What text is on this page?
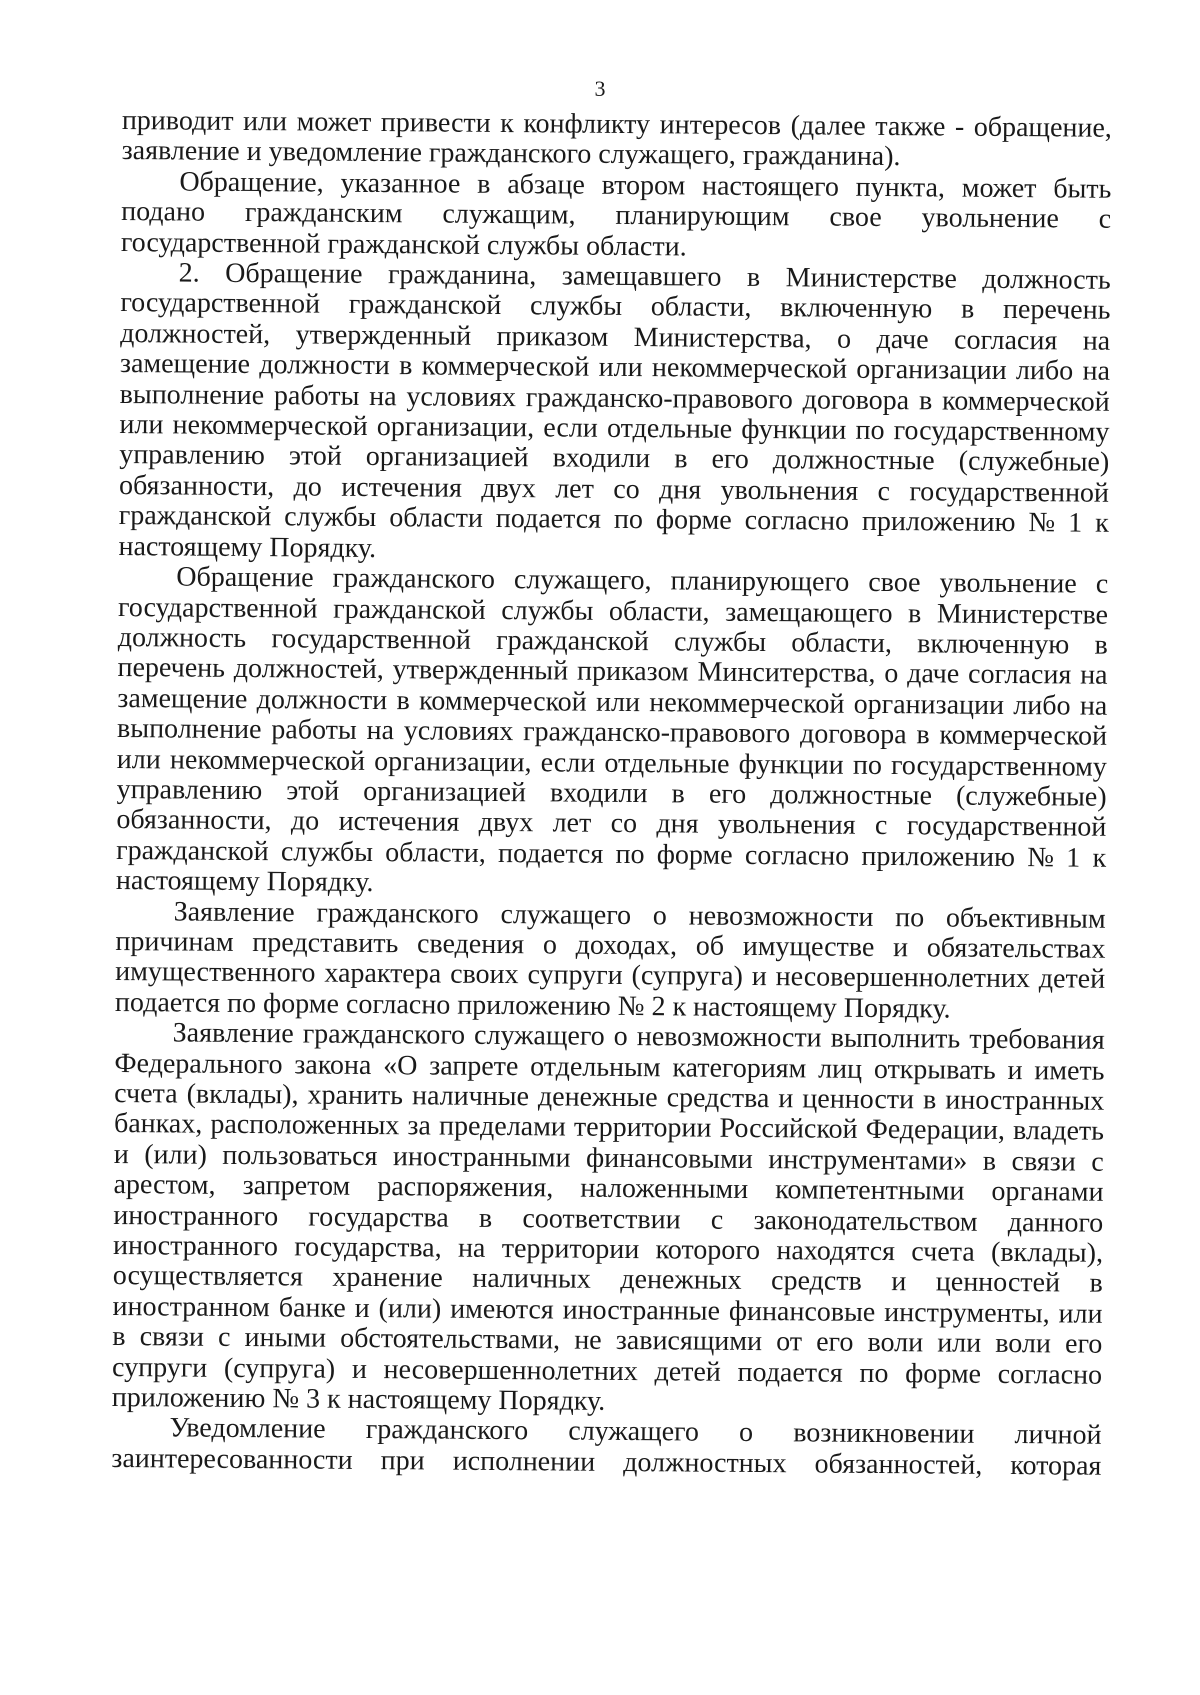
3

приводит или может привести к конфликту интересов (далее также - обращение,
заявление и уведомление гражданского служащего, гражданина).

Обращение, указанное в абзаце втором настоящего пункта, может быть
подано гражданским служащим, планирующим свое увольнение с
государственной гражданской службы области.

2. Обращение гражданина, замещавшего в Министерстве должность
государственной гражданской службы области, включенную в перечень
должностей, утвержденный приказом Министерства, о даче согласия на
замещение должности в коммерческой или некоммерческой организации либо на
выполнение работы на условиях гражданско-правового договора в коммерческой
или некоммерческой организации, если отдельные функции по государственному
управлению этой организацией входили в его должностные (служебные)
обязанности, до истечения двух лет со дня увольнения с государственной
гражданской службы области подается по форме согласно приложению № 1 к
настоящему Порядку.

Обращение гражданского служащего, планирующего свое увольнение с
государственной гражданской службы области, замещающего в Министерстве
должность государственной гражданской службы области, включенную в
перечень должностей, утвержденный приказом Минситерства, о даче согласия на
замещение должности в коммерческой или некоммерческой организации либо на
выполнение работы на условиях гражданско-правового договора в коммерческой
или некоммерческой организации, если отдельные функции по государственному
управлению этой организацией входили в его должностные (служебные)
обязанности, до истечения двух лет со дня увольнения с государственной
гражданской службы области, подается по форме согласно приложению № 1 к
настоящему Порядку.

Заявление гражданского служащего о невозможности по объективным
причинам представить сведения о доходах, об имуществе и обязательствах
имущественного характера своих супруги (супруга) и несовершеннолетних детей
подается по форме согласно приложению № 2 к настоящему Порядку.

Заявление гражданского служащего о невозможности выполнить требования
Федерального закона «О запрете отдельным категориям лиц открывать и иметь
счета (вклады), хранить наличные денежные средства и ценности в иностранных
банках, расположенных за пределами территории Российской Федерации, владеть
и (или) пользоваться иностранными финансовыми инструментами» в связи с
арестом, запретом распоряжения, наложенными компетентными органами
иностранного государства в соответствии с законодательством данного
иностранного государства, на территории которого находятся счета (вклады),
осуществляется хранение наличных денежных средств и ценностей в
иностранном банке и (или) имеются иностранные финансовые инструменты, или
в связи с иными обстоятельствами, не зависящими от его воли или воли его
супруги (супруга) и несовершеннолетних детей подается по форме согласно
приложению № 3 к настоящему Порядку.

Уведомление гражданского служащего о возникновении личной
заинтересованности при исполнении должностных обязанностей, которая
